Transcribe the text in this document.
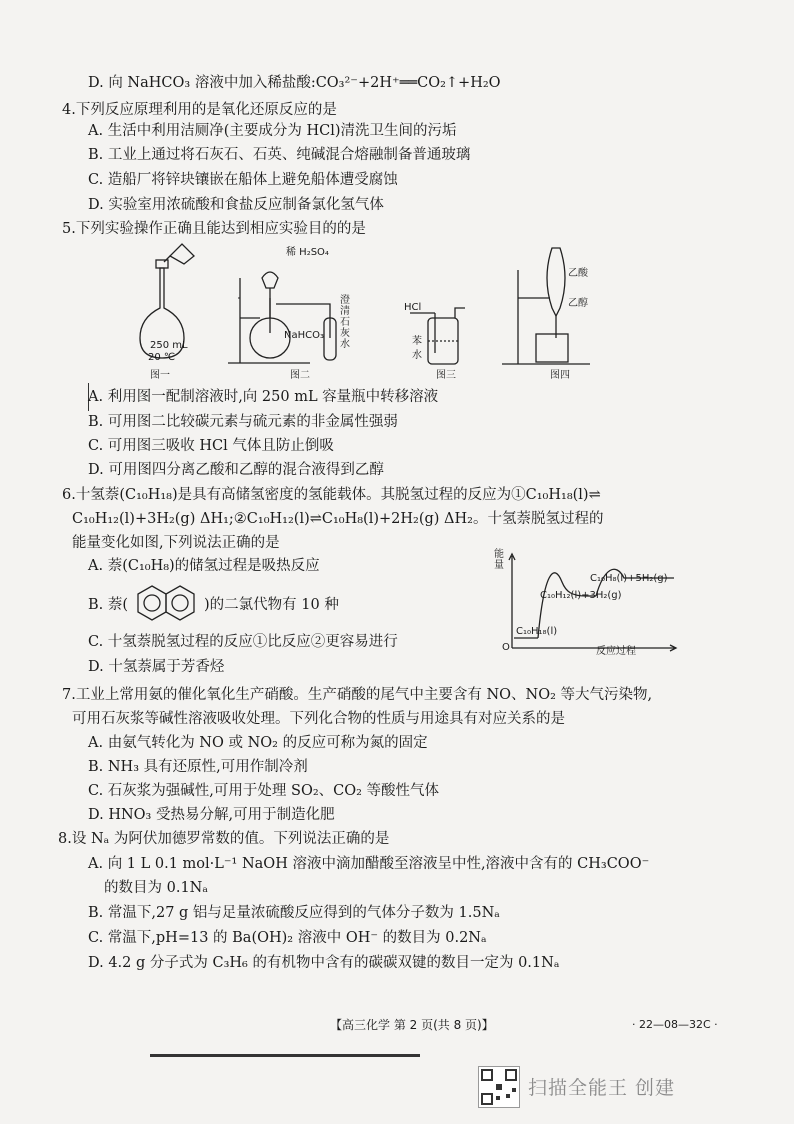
D. 向 NaHCO₃ 溶液中加入稀盐酸:CO₃²⁻+2H⁺══CO₂↑+H₂O
4.下列反应原理利用的是氧化还原反应的是
A. 生活中利用洁厕净(主要成分为 HCl)清洗卫生间的污垢
B. 工业上通过将石灰石、石英、纯碱混合熔融制备普通玻璃
C. 造船厂将锌块镶嵌在船体上避免船体遭受腐蚀
D. 实验室用浓硫酸和食盐反应制备氯化氢气体
5.下列实验操作正确且能达到相应实验目的的是
250 mL
20 ℃
图一
稀 H₂SO₄
NaHCO₃
澄清石灰水
图二
HCl
苯
水
图三
乙酸
乙醇
图四
A. 利用图一配制溶液时,向 250 mL 容量瓶中转移溶液
B. 可用图二比较碳元素与硫元素的非金属性强弱
C. 可用图三吸收 HCl 气体且防止倒吸
D. 可用图四分离乙酸和乙醇的混合液得到乙醇
6.十氢萘(C₁₀H₁₈)是具有高储氢密度的氢能载体。其脱氢过程的反应为①C₁₀H₁₈(l)⇌
C₁₀H₁₂(l)+3H₂(g) ΔH₁;②C₁₀H₁₂(l)⇌C₁₀H₈(l)+2H₂(g) ΔH₂。十氢萘脱氢过程的
能量变化如图,下列说法正确的是
A. 萘(C₁₀H₈)的储氢过程是吸热反应
B. 萘(	)的二氯代物有 10 种
C. 十氢萘脱氢过程的反应①比反应②更容易进行
D. 十氢萘属于芳香烃
能量
反应过程
O
C₁₀H₁₈(l)
C₁₀H₁₂(l)+3H₂(g)
C₁₀H₈(l)+5H₂(g)
7.工业上常用氨的催化氧化生产硝酸。生产硝酸的尾气中主要含有 NO、NO₂ 等大气污染物,
可用石灰浆等碱性溶液吸收处理。下列化合物的性质与用途具有对应关系的是
A. 由氨气转化为 NO 或 NO₂ 的反应可称为氮的固定
B. NH₃ 具有还原性,可用作制冷剂
C. 石灰浆为强碱性,可用于处理 SO₂、CO₂ 等酸性气体
D. HNO₃ 受热易分解,可用于制造化肥
8.设 Nₐ 为阿伏加德罗常数的值。下列说法正确的是
A. 向 1 L 0.1 mol·L⁻¹ NaOH 溶液中滴加醋酸至溶液呈中性,溶液中含有的 CH₃COO⁻
的数目为 0.1Nₐ
B. 常温下,27 g 铝与足量浓硫酸反应得到的气体分子数为 1.5Nₐ
C. 常温下,pH=13 的 Ba(OH)₂ 溶液中 OH⁻ 的数目为 0.2Nₐ
D. 4.2 g 分子式为 C₃H₆ 的有机物中含有的碳碳双键的数目一定为 0.1Nₐ
【高三化学 第 2 页(共 8 页)】	· 22—08—32C ·
扫描全能王 创建
